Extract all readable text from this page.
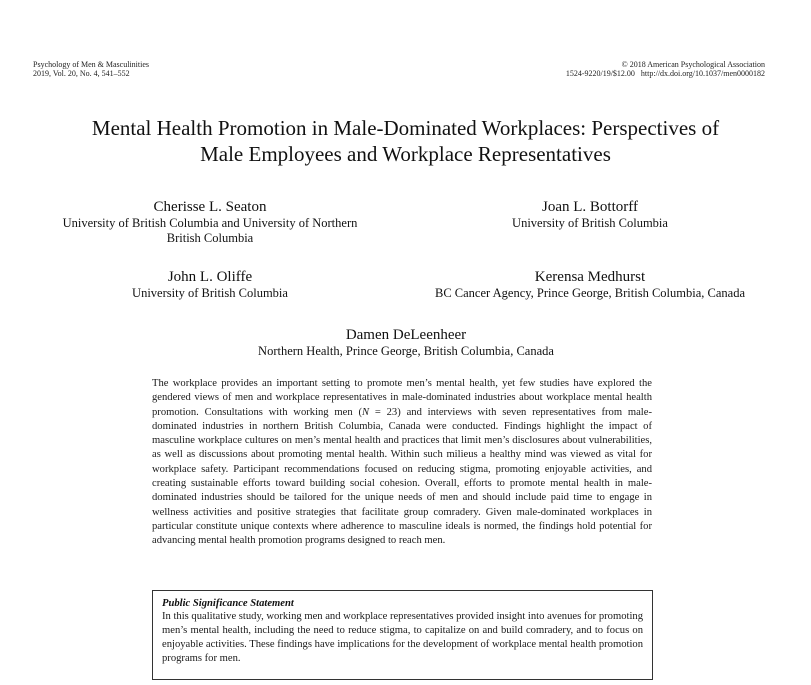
Psychology of Men & Masculinities
2019, Vol. 20, No. 4, 541–552
© 2018 American Psychological Association
1524-9220/19/$12.00 http://dx.doi.org/10.1037/men0000182
Mental Health Promotion in Male-Dominated Workplaces: Perspectives of
Male Employees and Workplace Representatives
Cherisse L. Seaton
University of British Columbia and University of Northern
British Columbia
Joan L. Bottorff
University of British Columbia
John L. Oliffe
University of British Columbia
Kerensa Medhurst
BC Cancer Agency, Prince George, British Columbia, Canada
Damen DeLeenheer
Northern Health, Prince George, British Columbia, Canada
The workplace provides an important setting to promote men’s mental health, yet few studies have explored the gendered views of men and workplace representatives in male-dominated industries about workplace mental health promotion. Consultations with working men (N = 23) and interviews with seven representatives from male-dominated industries in northern British Columbia, Canada were conducted. Findings highlight the impact of masculine workplace cultures on men’s mental health and practices that limit men’s disclosures about vulnerabilities, as well as discussions about promoting mental health. Within such milieus a healthy mind was viewed as vital for workplace safety. Participant recommendations focused on reducing stigma, promoting enjoyable activities, and creating sustainable efforts toward building social cohesion. Overall, efforts to promote mental health in male-dominated industries should be tailored for the unique needs of men and should include paid time to engage in wellness activities and positive strategies that facilitate group comradery. Given male-dominated workplaces in particular constitute unique contexts where adherence to masculine ideals is normed, the findings hold potential for advancing mental health promotion programs designed to reach men.
Public Significance Statement
In this qualitative study, working men and workplace representatives provided insight into avenues for promoting men’s mental health, including the need to reduce stigma, to capitalize on and build comradery, and to focus on enjoyable activities. These findings have implications for the development of workplace mental health promotion programs for men.
